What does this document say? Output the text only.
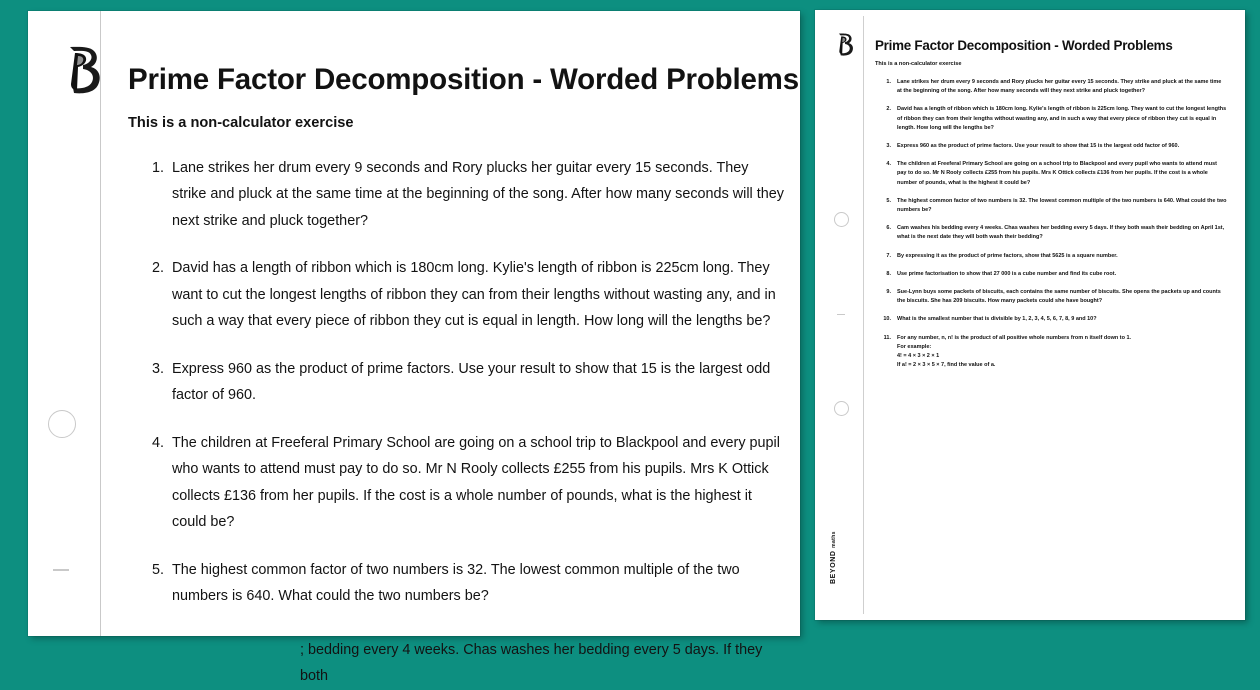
Prime Factor Decomposition - Worded Problems

This is a non-calculator exercise

1. Lane strikes her drum every 9 seconds and Rory plucks her guitar every 15 seconds. They strike and pluck at the same time at the beginning of the song. After how many seconds will they next strike and pluck together?
2. David has a length of ribbon which is 180cm long. Kylie's length of ribbon is 225cm long. They want to cut the longest lengths of ribbon they can from their lengths without wasting any, and in such a way that every piece of ribbon they cut is equal in length. How long will the lengths be?
3. Express 960 as the product of prime factors. Use your result to show that 15 is the largest odd factor of 960.
4. The children at Freeferal Primary School are going on a school trip to Blackpool and every pupil who wants to attend must pay to do so. Mr N Rooly collects £255 from his pupils. Mrs K Ottick collects £136 from her pupils. If the cost is a whole number of pounds, what is the highest it could be?
5. The highest common factor of two numbers is 32. The lowest common multiple of the two numbers is 640. What could the two numbers be?
; bedding every 4 weeks. Chas washes her bedding every 5 days. If they both
BEYOND maths
Prime Factor Decomposition - Worded Problems

This is a non-calculator exercise

1. Lane strikes her drum every 9 seconds and Rory plucks her guitar every 15 seconds. They strike and pluck at the same time at the beginning of the song. After how many seconds will they next strike and pluck together?
2. David has a length of ribbon which is 180cm long. Kylie's length of ribbon is 225cm long. They want to cut the longest lengths of ribbon they can from their lengths without wasting any, and in such a way that every piece of ribbon they cut is equal in length. How long will the lengths be?
3. Express 960 as the product of prime factors. Use your result to show that 15 is the largest odd factor of 960.
4. The children at Freeferal Primary School are going on a school trip to Blackpool and every pupil who wants to attend must pay to do so. Mr N Rooly collects £255 from his pupils. Mrs K Ottick collects £136 from her pupils. If the cost is a whole number of pounds, what is the highest it could be?
5. The highest common factor of two numbers is 32. The lowest common multiple of the two numbers is 640. What could the two numbers be?
6. Cam washes his bedding every 4 weeks. Chas washes her bedding every 5 days. If they both wash their bedding on April 1st, what is the next date they will both wash their bedding?
7. By expressing it as the product of prime factors, show that 5625 is a square number.
8. Use prime factorisation to show that 27 000 is a cube number and find its cube root.
9. Sue-Lynn buys some packets of biscuits, each contains the same number of biscuits. She opens the packets up and counts the biscuits. She has 209 biscuits. How many packets could she have bought?
10. What is the smallest number that is divisible by 1, 2, 3, 4, 5, 6, 7, 8, 9 and 10?
11. For any number, n, n! is the product of all positive whole numbers from n itself down to 1.
For example:
4! = 4 × 3 × 2 × 1
If a! = 2 × 3 × 5 × 7, find the value of a.
